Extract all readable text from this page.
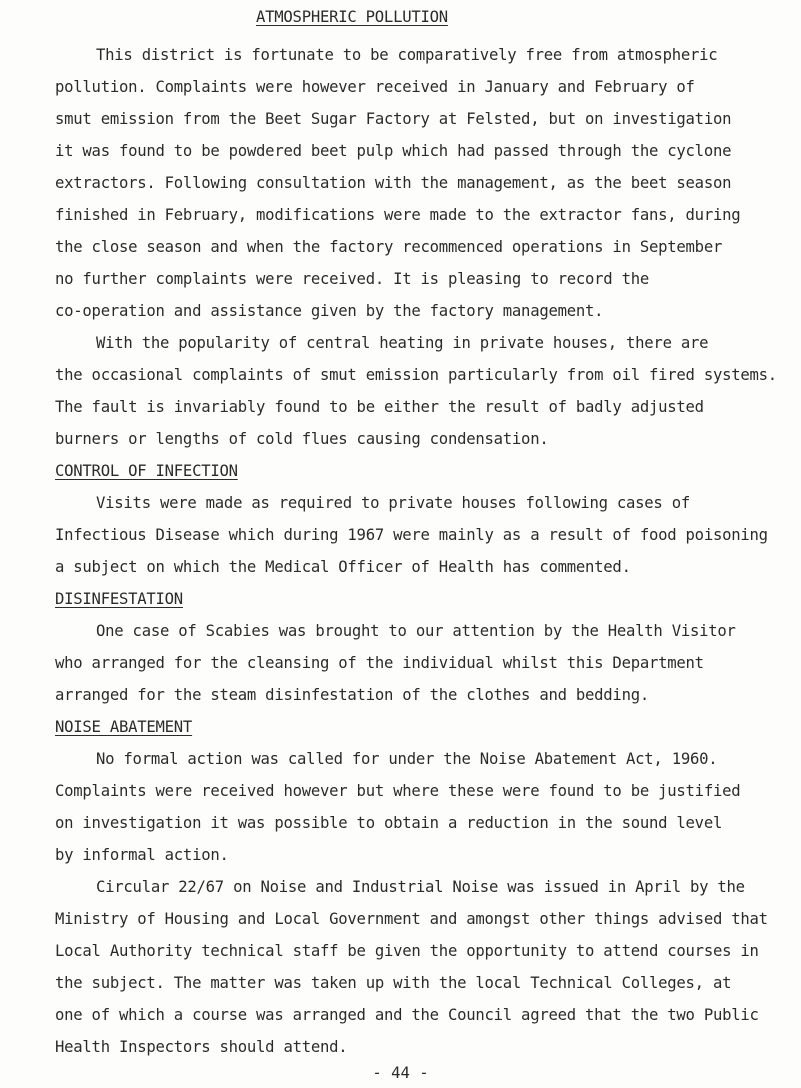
ATMOSPHERIC POLLUTION

This district is fortunate to be comparatively free from atmospheric

pollution. Complaints were however received in January and February of

smut emission from the Beet Sugar Factory at Felsted, but on investigation

it was found to be powdered beet pulp which had passed through the cyclone

extractors. Following consultation with the management, as the beet season

finished in February, modifications were made to the extractor fans, during

the close season and when the factory recommenced operations in September

no further complaints were received. It is pleasing to record the

co-operation and assistance given by the factory management.

With the popularity of central heating in private houses, there are

the occasional complaints of smut emission particularly from oil fired systems.

The fault is invariably found to be either the result of badly adjusted

burners or lengths of cold flues causing condensation.

CONTROL OF INFECTION

Visits were made as required to private houses following cases of

Infectious Disease which during 1967 were mainly as a result of food poisoning

a subject on which the Medical Officer of Health has commented.

DISINFESTATION

One case of Scabies was brought to our attention by the Health Visitor

who arranged for the cleansing of the individual whilst this Department

arranged for the steam disinfestation of the clothes and bedding.

NOISE ABATEMENT

No formal action was called for under the Noise Abatement Act, 1960.

Complaints were received however but where these were found to be justified

on investigation it was possible to obtain a reduction in the sound level

by informal action.

Circular 22/67 on Noise and Industrial Noise was issued in April by the

Ministry of Housing and Local Government and amongst other things advised that

Local Authority technical staff be given the opportunity to attend courses in

the subject. The matter was taken up with the local Technical Colleges, at

one of which a course was arranged and the Council agreed that the two Public

Health Inspectors should attend.

- 44 -
